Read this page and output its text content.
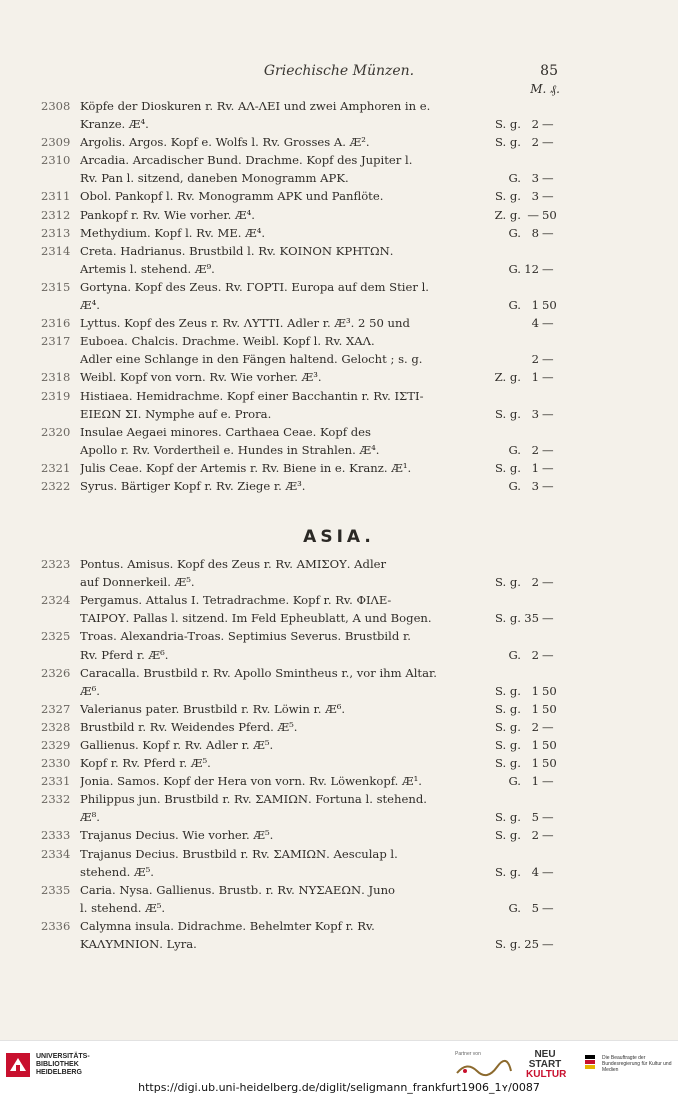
Griechische Münzen.	85
M. ₰.
2308 Köpfe der Dioskuren r. Rv. ΑΛ-ΛΕΙ und zwei Amphoren in e.
Kranze. Æ⁴.	S. g. 2 —
2309 Argolis. Argos. Kopf e. Wolfs l. Rv. Grosses A. Æ².	S. g. 2 —
2310 Arcadia. Arcadischer Bund. Drachme. Kopf des Jupiter l.
Rv. Pan l. sitzend, daneben Monogramm ΑΡΚ.	G. 3 —
2311 Obol. Pankopf l. Rv. Monogramm ΑΡΚ und Panflöte.	S. g. 3 —
2312 Pankopf r. Rv. Wie vorher. Æ⁴.	Z. g. — 50
2313 Methydium. Kopf l. Rv. ΜΕ. Æ⁴.	G. 8 —
2314 Creta. Hadrianus. Brustbild l. Rv. ΚΟΙΝΟΝ ΚΡΗΤΩΝ.
Artemis l. stehend. Æ⁹.	G. 12 —
2315 Gortyna. Kopf des Zeus. Rv. ΓΟΡΤΙ. Europa auf dem Stier l.
Æ⁴.	G. 1 50
2316 Lyttus. Kopf des Zeus r. Rv. ΛΥΤΤΙ. Adler r. Æ³. 2 50 und	4 —
2317 Euboea. Chalcis. Drachme. Weibl. Kopf l. Rv. ΧΑΛ.
Adler eine Schlange in den Fängen haltend. Gelocht ; s. g.	2 —
2318 Weibl. Kopf von vorn. Rv. Wie vorher. Æ³.	Z. g. 1 —
2319 Histiaea. Hemidrachme. Kopf einer Bacchantin r. Rv. ΙΣΤΙ-
ΕΙΕΩΝ ΣΙ. Nymphe auf e. Prora.	S. g. 3 —
2320 Insulae Aegaei minores. Carthaea Ceae. Kopf des
Apollo r. Rv. Vordertheil e. Hundes in Strahlen. Æ⁴.	G. 2 —
2321 Julis Ceae. Kopf der Artemis r. Rv. Biene in e. Kranz. Æ¹.	S. g. 1 —
2322 Syrus. Bärtiger Kopf r. Rv. Ziege r. Æ³.	G. 3 —
ASIA.
2323 Pontus. Amisus. Kopf des Zeus r. Rv. ΑΜΙΣΟΥ. Adler
auf Donnerkeil. Æ⁵.	S. g. 2 —
2324 Pergamus. Attalus I. Tetradrachme. Kopf r. Rv. ΦΙΛΕ-
ΤΑΙΡΟΥ. Pallas l. sitzend. Im Feld Epheublatt, A und Bogen.	S. g. 35 —
2325 Troas. Alexandria-Troas. Septimius Severus. Brustbild r.
Rv. Pferd r. Æ⁶.	G. 2 —
2326 Caracalla. Brustbild r. Rv. Apollo Smintheus r., vor ihm Altar.
Æ⁶.	S. g. 1 50
2327 Valerianus pater. Brustbild r. Rv. Löwin r. Æ⁶.	S. g. 1 50
2328 Brustbild r. Rv. Weidendes Pferd. Æ⁵.	S. g. 2 —
2329 Gallienus. Kopf r. Rv. Adler r. Æ⁵.	S. g. 1 50
2330 Kopf r. Rv. Pferd r. Æ⁵.	S. g. 1 50
2331 Jonia. Samos. Kopf der Hera von vorn. Rv. Löwenkopf. Æ¹.	G. 1 —
2332 Philippus jun. Brustbild r. Rv. ΣΑΜΙΩΝ. Fortuna l. stehend.
Æ⁸.	S. g. 5 —
2333 Trajanus Decius. Wie vorher. Æ⁵.	S. g. 2 —
2334 Trajanus Decius. Brustbild r. Rv. ΣΑΜΙΩΝ. Aesculap l.
stehend. Æ⁵.	S. g. 4 —
2335 Caria. Nysa. Gallienus. Brustb. r. Rv. ΝΥΣΑΕΩΝ. Juno
l. stehend. Æ⁵.	G. 5 —
2336 Calymna insula. Didrachme. Behelmter Kopf r. Rv.
ΚΑΛΥΜΝΙΟΝ. Lyra.	S. g. 25 —
UNIVERSITÄTS-
BIBLIOTHEK
HEIDELBERG
Partner von	NEU
START
KULTUR
Die Beauftragte der Bundesregierung für Kultur und Medien
https://digi.ub.uni-heidelberg.de/diglit/seligmann_frankfurt1906_1ʏ/0087
